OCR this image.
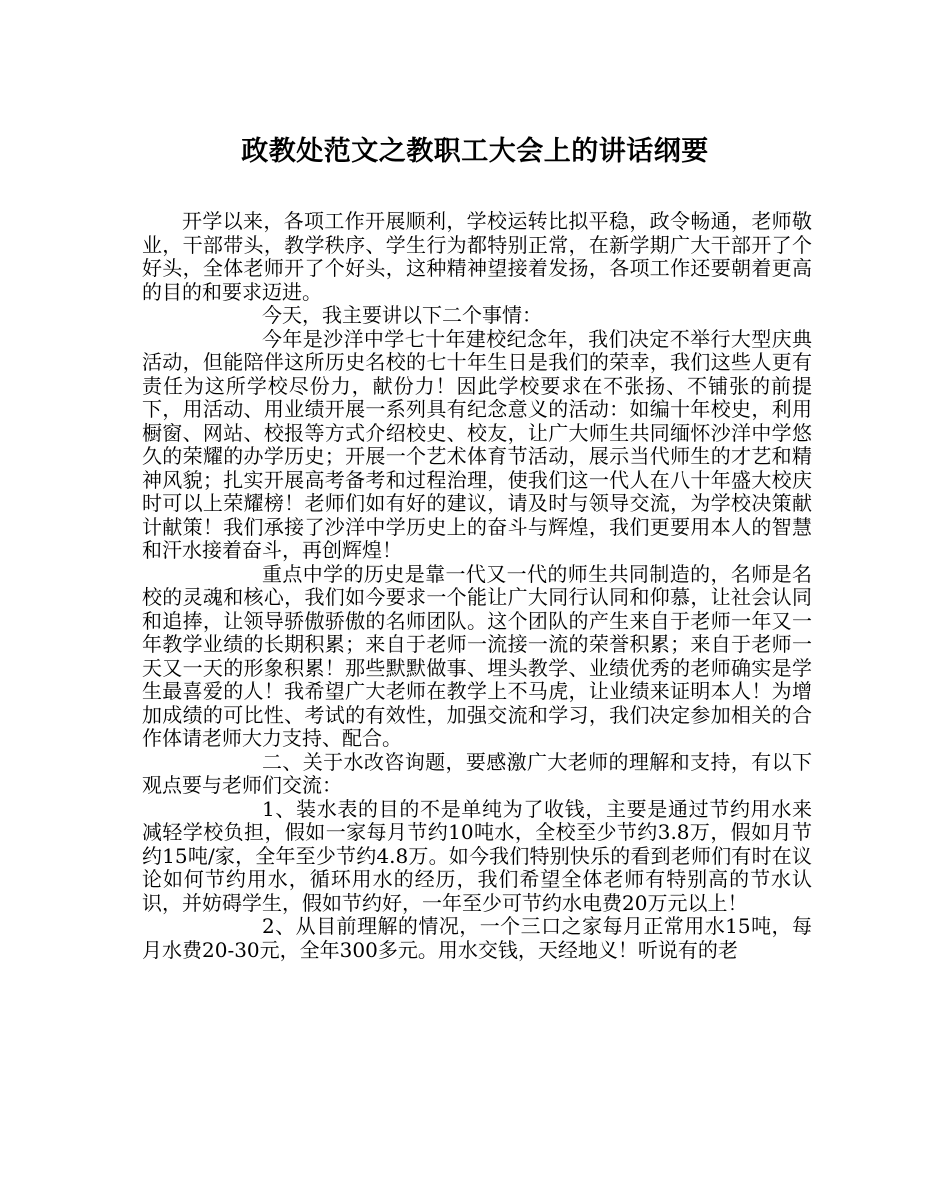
政教处范文之教职工大会上的讲话纲要

开学以来，各项工作开展顺利，学校运转比拟平稳，政令畅通，老师敬业，干部带头，教学秩序、学生行为都特别正常，在新学期广大干部开了个好头，全体老师开了个好头，这种精神望接着发扬，各项工作还要朝着更高的目的和要求迈进。

今天，我主要讲以下二个事情：

今年是沙洋中学七十年建校纪念年，我们决定不举行大型庆典活动，但能陪伴这所历史名校的七十年生日是我们的荣幸，我们这些人更有责任为这所学校尽份力，献份力！因此学校要求在不张扬、不铺张的前提下，用活动、用业绩开展一系列具有纪念意义的活动：如编十年校史，利用橱窗、网站、校报等方式介绍校史、校友，让广大师生共同缅怀沙洋中学悠久的荣耀的办学历史；开展一个艺术体育节活动，展示当代师生的才艺和精神风貌；扎实开展高考备考和过程治理，使我们这一代人在八十年盛大校庆时可以上荣耀榜！老师们如有好的建议，请及时与领导交流，为学校决策献计献策！我们承接了沙洋中学历史上的奋斗与辉煌，我们更要用本人的智慧和汗水接着奋斗，再创辉煌！

重点中学的历史是靠一代又一代的师生共同制造的，名师是名校的灵魂和核心，我们如今要求一个能让广大同行认同和仰慕，让社会认同和追捧，让领导骄傲骄傲的名师团队。这个团队的产生来自于老师一年又一年教学业绩的长期积累；来自于老师一流接一流的荣誉积累；来自于老师一天又一天的形象积累！那些默默做事、埋头教学、业绩优秀的老师确实是学生最喜爱的人！我希望广大老师在教学上不马虎，让业绩来证明本人！为增加成绩的可比性、考试的有效性，加强交流和学习，我们决定参加相关的合作体请老师大力支持、配合。

二、关于水改咨询题，要感激广大老师的理解和支持，有以下观点要与老师们交流：

1、装水表的目的不是单纯为了收钱，主要是通过节约用水来减轻学校负担，假如一家每月节约10吨水，全校至少节约3.8万，假如月节约15吨/家，全年至少节约4.8万。如今我们特别快乐的看到老师们有时在议论如何节约用水，循环用水的经历，我们希望全体老师有特别高的节水认识，并妨碍学生，假如节约好，一年至少可节约水电费20万元以上！

2、从目前理解的情况，一个三口之家每月正常用水15吨，每月水费20-30元，全年300多元。用水交钱，天经地义！听说有的老
